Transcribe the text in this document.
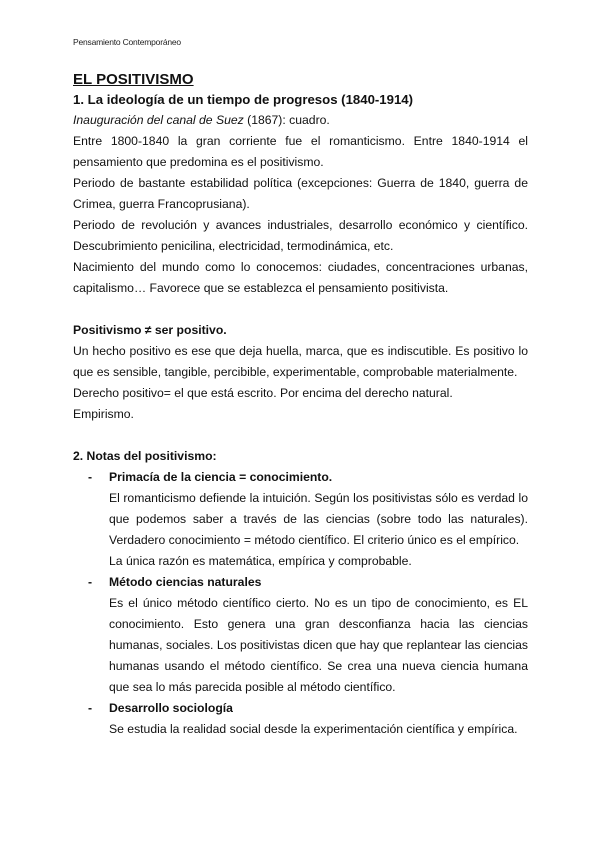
Pensamiento Contemporáneo

EL POSITIVISMO

1. La ideología de un tiempo de progresos (1840-1914)

Inauguración del canal de Suez (1867): cuadro.

Entre 1800-1840 la gran corriente fue el romanticismo. Entre 1840-1914 el

pensamiento que predomina es el positivismo.

Periodo de bastante estabilidad política (excepciones: Guerra de 1840, guerra de

Crimea, guerra Francoprusiana).

Periodo de revolución y avances industriales, desarrollo económico y científico.

Descubrimiento penicilina, electricidad, termodinámica, etc.

Nacimiento del mundo como lo conocemos: ciudades, concentraciones urbanas,

capitalismo… Favorece que se establezca el pensamiento positivista.

Positivismo ≠ ser positivo.

Un hecho positivo es ese que deja huella, marca, que es indiscutible. Es positivo lo

que es sensible, tangible, percibible, experimentable, comprobable materialmente.

Derecho positivo= el que está escrito. Por encima del derecho natural.

Empirismo.

2. Notas del positivismo:

- Primacía de la ciencia = conocimiento.

El romanticismo defiende la intuición. Según los positivistas sólo es verdad lo

que podemos saber a través de las ciencias (sobre todo las naturales).

Verdadero conocimiento = método científico. El criterio único es el empírico.

La única razón es matemática, empírica y comprobable.

- Método ciencias naturales

Es el único método científico cierto. No es un tipo de conocimiento, es EL

conocimiento. Esto genera una gran desconfianza hacia las ciencias

humanas, sociales. Los positivistas dicen que hay que replantear las ciencias

humanas usando el método científico. Se crea una nueva ciencia humana

que sea lo más parecida posible al método científico.

- Desarrollo sociología

Se estudia la realidad social desde la experimentación científica y empírica.
